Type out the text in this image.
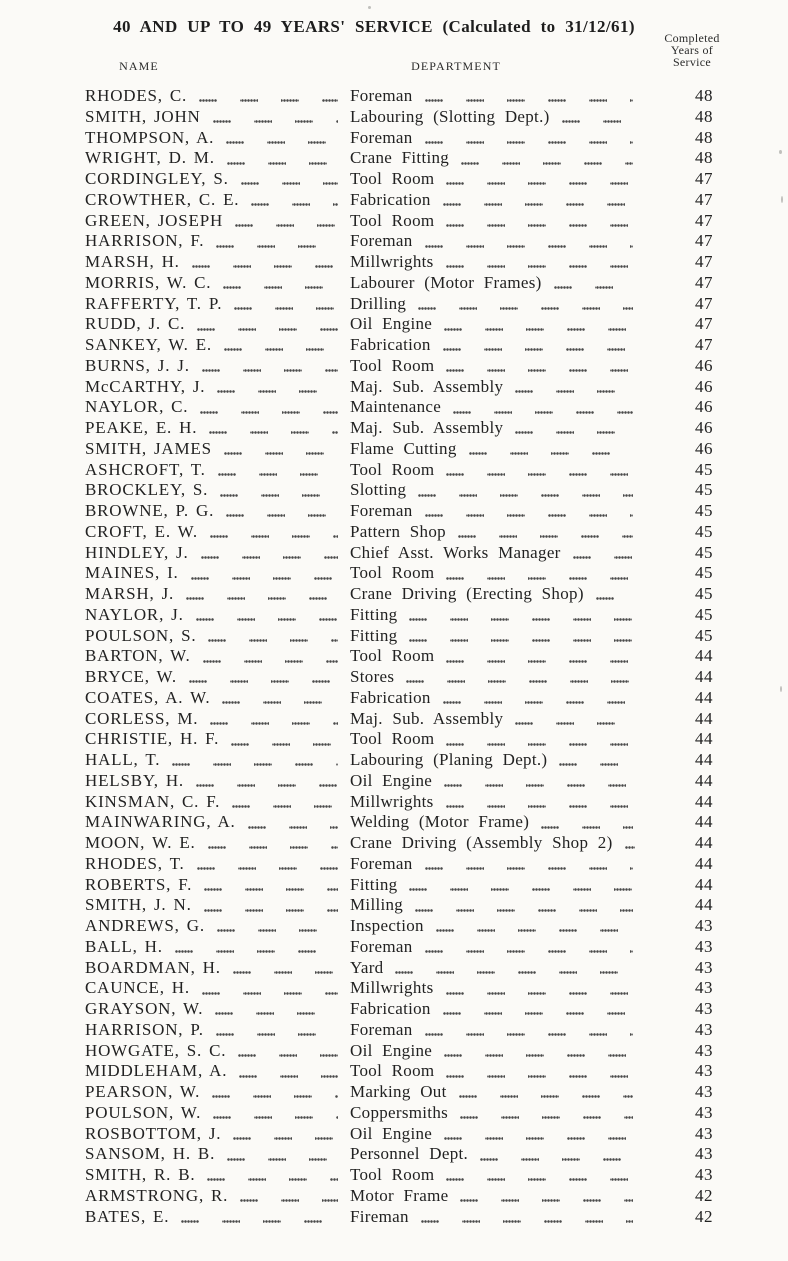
40 AND UP TO 49 YEARS' SERVICE (Calculated to 31/12/61)
NAME	DEPARTMENT
Completed
Years of
Service
RHODES, C.	Foreman	48
SMITH, JOHN	Labouring (Slotting Dept.)	48
THOMPSON, A.	Foreman	48
WRIGHT, D. M.	Crane Fitting	48
CORDINGLEY, S.	Tool Room	47
CROWTHER, C. E.	Fabrication	47
GREEN, JOSEPH	Tool Room	47
HARRISON, F.	Foreman	47
MARSH, H.	Millwrights	47
MORRIS, W. C.	Labourer (Motor Frames)	47
RAFFERTY, T. P.	Drilling	47
RUDD, J. C.	Oil Engine	47
SANKEY, W. E.	Fabrication	47
BURNS, J. J.	Tool Room	46
McCARTHY, J.	Maj. Sub. Assembly	46
NAYLOR, C.	Maintenance	46
PEAKE, E. H.	Maj. Sub. Assembly	46
SMITH, JAMES	Flame Cutting	46
ASHCROFT, T.	Tool Room	45
BROCKLEY, S.	Slotting	45
BROWNE, P. G.	Foreman	45
CROFT, E. W.	Pattern Shop	45
HINDLEY, J.	Chief Asst. Works Manager	45
MAINES, I.	Tool Room	45
MARSH, J.	Crane Driving (Erecting Shop)	45
NAYLOR, J.	Fitting	45
POULSON, S.	Fitting	45
BARTON, W.	Tool Room	44
BRYCE, W.	Stores	44
COATES, A. W.	Fabrication	44
CORLESS, M.	Maj. Sub. Assembly	44
CHRISTIE, H. F.	Tool Room	44
HALL, T.	Labouring (Planing Dept.)	44
HELSBY, H.	Oil Engine	44
KINSMAN, C. F.	Millwrights	44
MAINWARING, A.	Welding (Motor Frame)	44
MOON, W. E.	Crane Driving (Assembly Shop 2)	44
RHODES, T.	Foreman	44
ROBERTS, F.	Fitting	44
SMITH, J. N.	Milling	44
ANDREWS, G.	Inspection	43
BALL, H.	Foreman	43
BOARDMAN, H.	Yard	43
CAUNCE, H.	Millwrights	43
GRAYSON, W.	Fabrication	43
HARRISON, P.	Foreman	43
HOWGATE, S. C.	Oil Engine	43
MIDDLEHAM, A.	Tool Room	43
PEARSON, W.	Marking Out	43
POULSON, W.	Coppersmiths	43
ROSBOTTOM, J.	Oil Engine	43
SANSOM, H. B.	Personnel Dept.	43
SMITH, R. B.	Tool Room	43
ARMSTRONG, R.	Motor Frame	42
BATES, E.	Fireman	42
